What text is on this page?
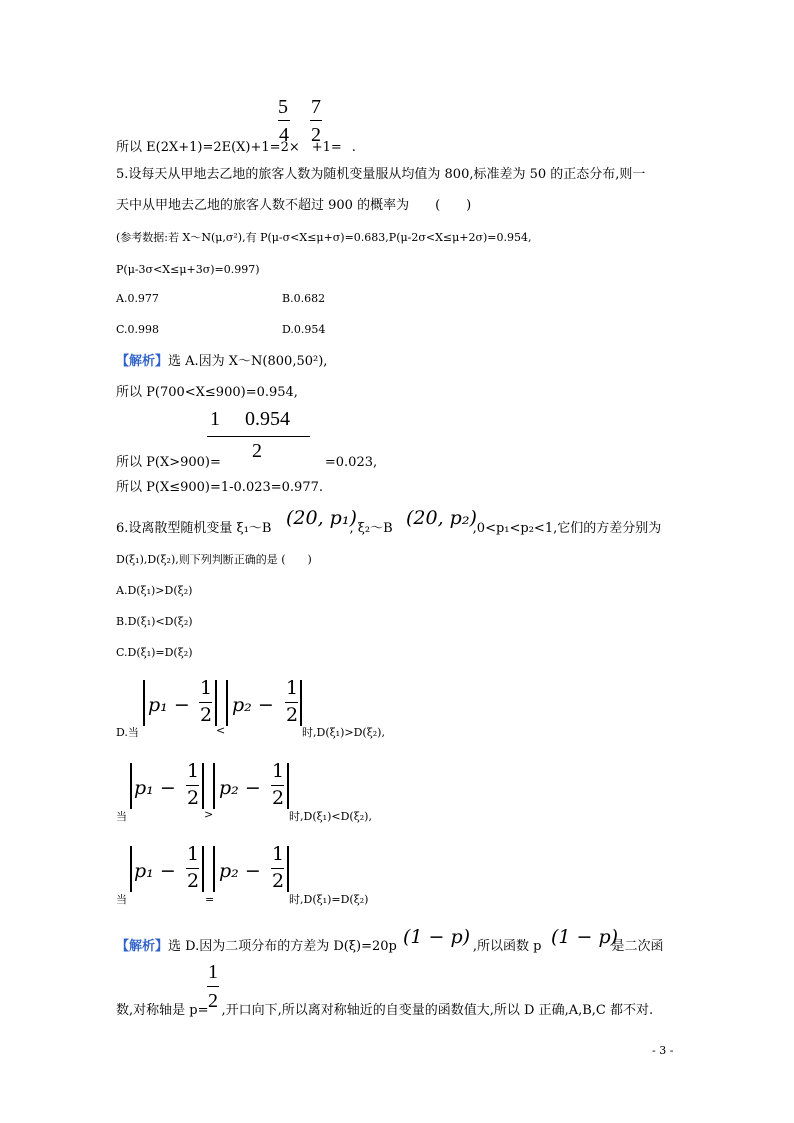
5
4
7
2
所以 E(2X+1)=2E(X)+1=2× +1= .
5.设每天从甲地去乙地的旅客人数为随机变量服从均值为 800,标准差为 50 的正态分布,则一
天中从甲地去乙地的旅客人数不超过 900 的概率为　　(　　)
(参考数据:若 X～N(μ,σ²),有 P(μ-σ<X≤μ+σ)=0.683,P(μ-2σ<X≤μ+2σ)=0.954,
P(μ-3σ<X≤μ+3σ)=0.997)
A.0.977	B.0.682
C.0.998	D.0.954
【解析】选 A.因为 X～N(800,50²),
所以 P(700<X≤900)=0.954,
1　 0.954
2
所以 P(X>900)=	=0.023,
所以 P(X≤900)=1-0.023=0.977.
(20, p₁)	(20, p₂)
6.设离散型随机变量 ξ₁～B	, ξ₂～B	,0<p₁<p₂<1,它们的方差分别为
D(ξ₁),D(ξ₂),则下列判断正确的是 (　　)
A.D(ξ₁)>D(ξ₂)
B.D(ξ₁)<D(ξ₂)
C.D(ξ₁)=D(ξ₂)
p₁ −
1
2 p₂ −
1
2
D.当	<	时,D(ξ₁)>D(ξ₂),
p₁ −
1
2 p₂ −
1
2
当	>	时,D(ξ₁)<D(ξ₂),
p₁ −
1
2 p₂ −
1
2
当	=	时,D(ξ₁)=D(ξ₂)
(1 − p)	(1 − p)
【解析】选 D.因为二项分布的方差为 D(ξ)=20p	,所以函数 p	是二次函
1
2
数,对称轴是 p= ,开口向下,所以离对称轴近的自变量的函数值大,所以 D 正确,A,B,C 都不对.
- 3 -
